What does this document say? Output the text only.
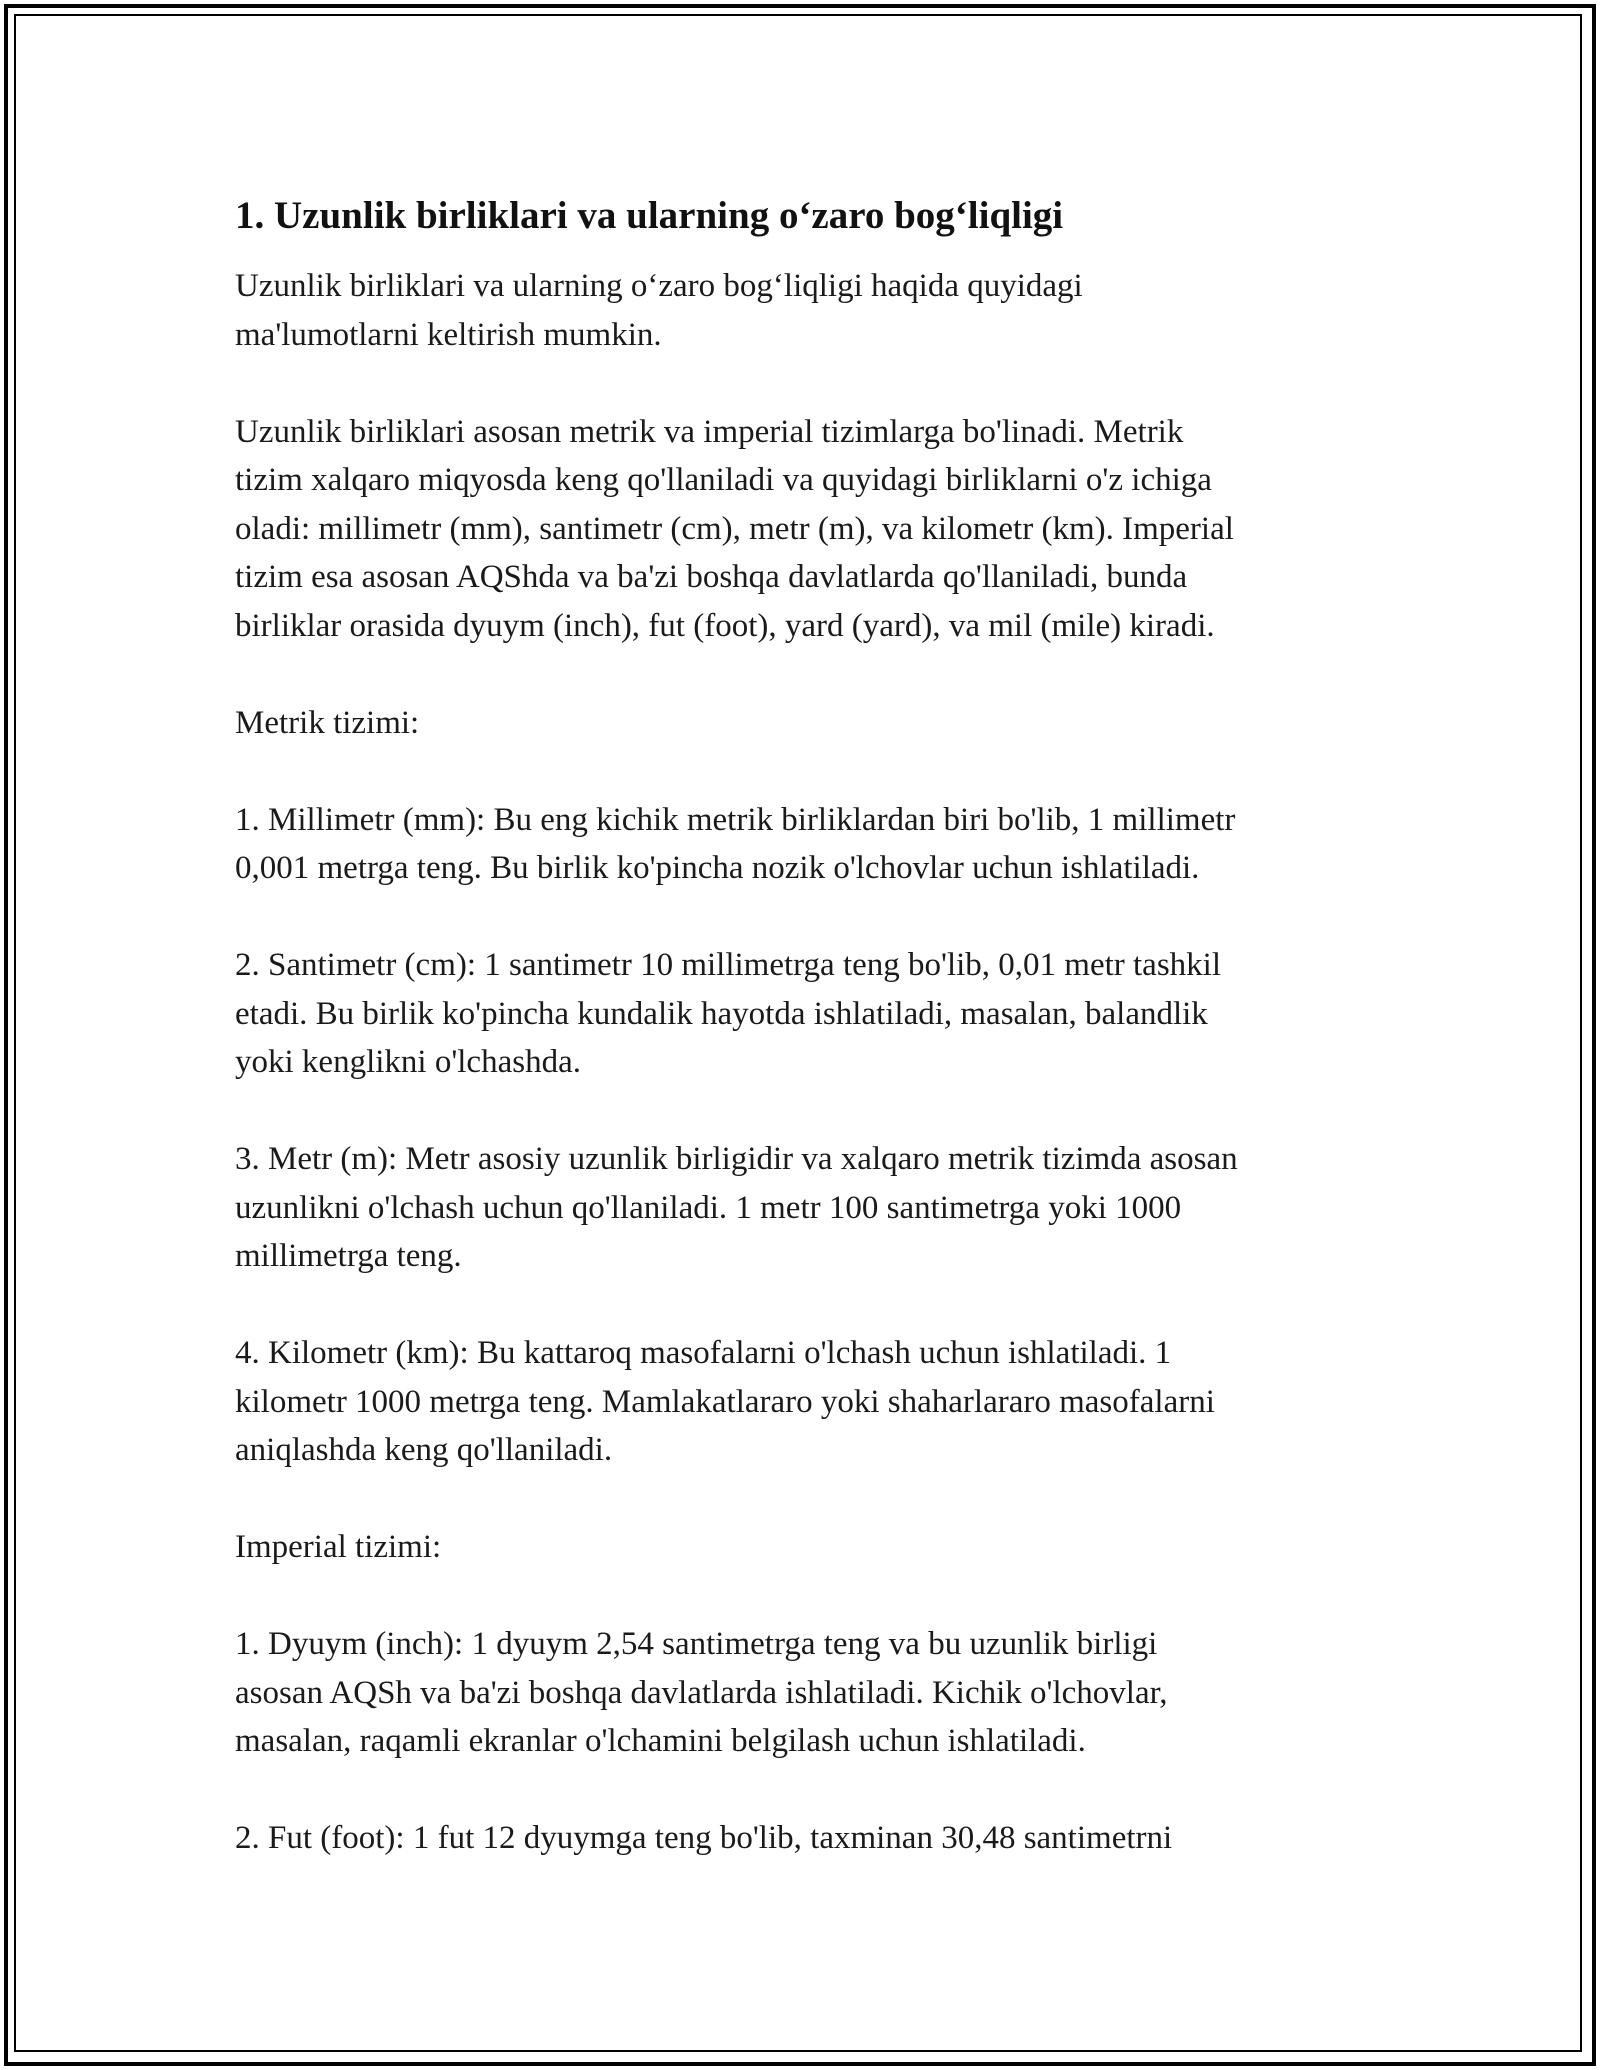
1. Uzunlik birliklari va ularning o‘zaro bog‘liqligi

Uzunlik birliklari va ularning o‘zaro bog‘liqligi haqida quyidagi
ma'lumotlarni keltirish mumkin.

Uzunlik birliklari asosan metrik va imperial tizimlarga bo'linadi. Metrik
tizim xalqaro miqyosda keng qo'llaniladi va quyidagi birliklarni o'z ichiga
oladi: millimetr (mm), santimetr (cm), metr (m), va kilometr (km). Imperial
tizim esa asosan AQShda va ba'zi boshqa davlatlarda qo'llaniladi, bunda
birliklar orasida dyuym (inch), fut (foot), yard (yard), va mil (mile) kiradi.

Metrik tizimi:

1. Millimetr (mm): Bu eng kichik metrik birliklardan biri bo'lib, 1 millimetr
0,001 metrga teng. Bu birlik ko'pincha nozik o'lchovlar uchun ishlatiladi.

2. Santimetr (cm): 1 santimetr 10 millimetrga teng bo'lib, 0,01 metr tashkil
etadi. Bu birlik ko'pincha kundalik hayotda ishlatiladi, masalan, balandlik
yoki kenglikni o'lchashda.

3. Metr (m): Metr asosiy uzunlik birligidir va xalqaro metrik tizimda asosan
uzunlikni o'lchash uchun qo'llaniladi. 1 metr 100 santimetrga yoki 1000
millimetrga teng.

4. Kilometr (km): Bu kattaroq masofalarni o'lchash uchun ishlatiladi. 1
kilometr 1000 metrga teng. Mamlakatlararo yoki shaharlararo masofalarni
aniqlashda keng qo'llaniladi.

Imperial tizimi:

1. Dyuym (inch): 1 dyuym 2,54 santimetrga teng va bu uzunlik birligi
asosan AQSh va ba'zi boshqa davlatlarda ishlatiladi. Kichik o'lchovlar,
masalan, raqamli ekranlar o'lchamini belgilash uchun ishlatiladi.

2. Fut (foot): 1 fut 12 dyuymga teng bo'lib, taxminan 30,48 santimetrni
